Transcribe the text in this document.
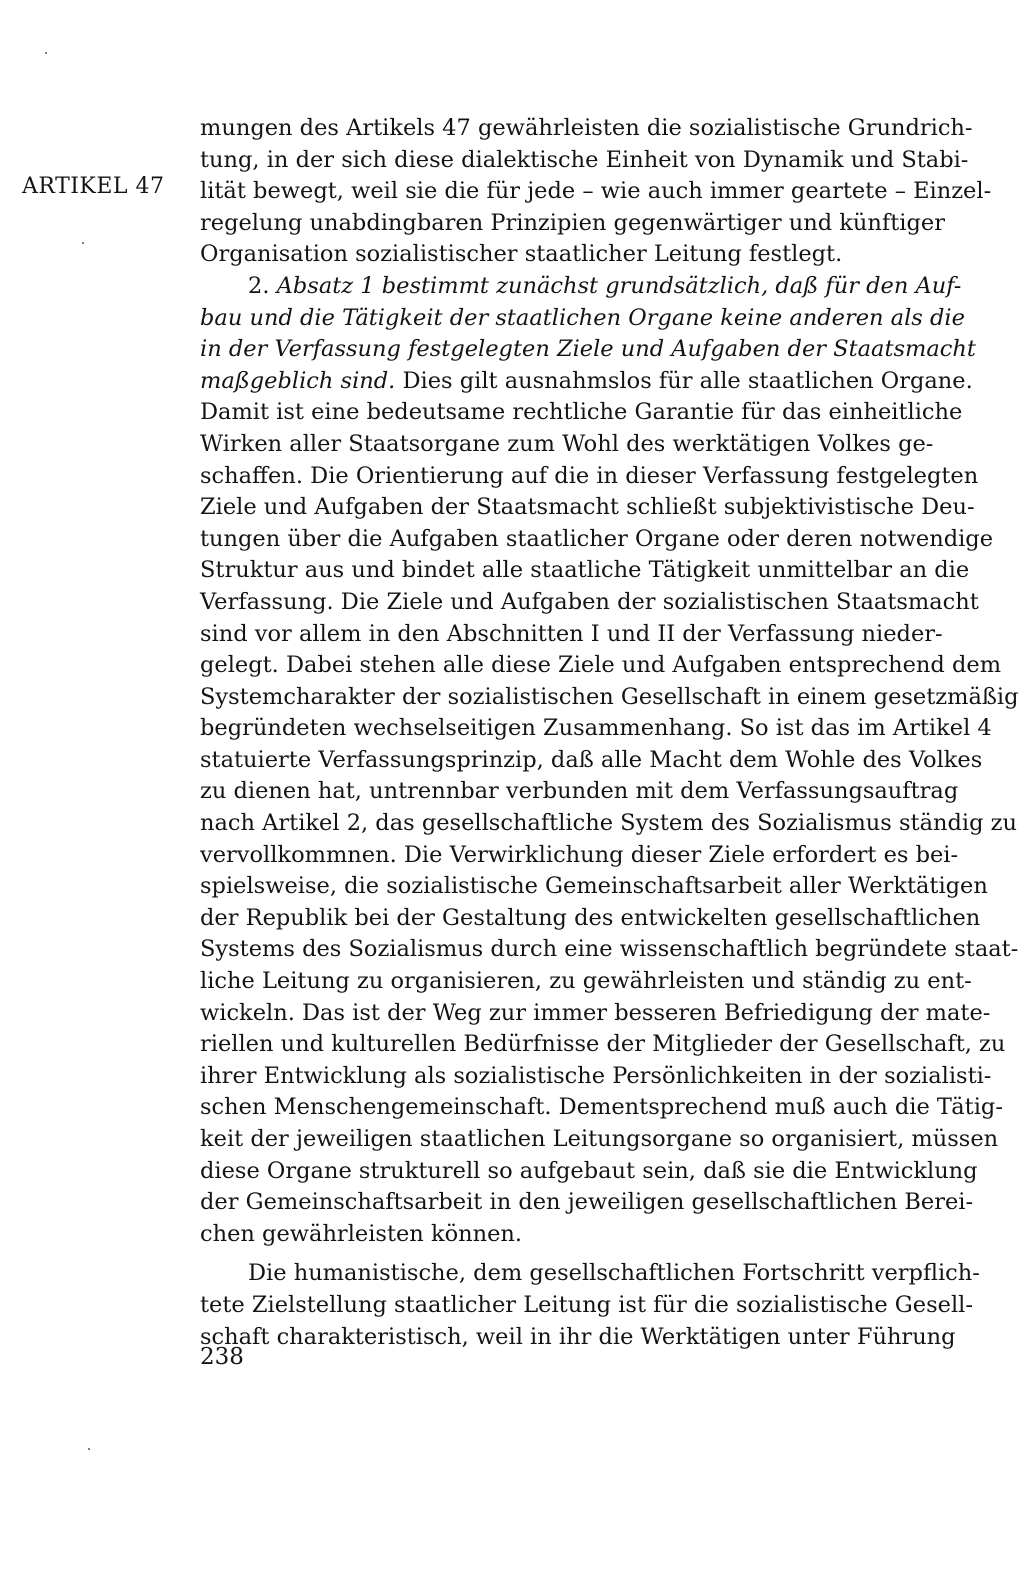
ARTIKEL 47
mungen des Artikels 47 gewährleisten die sozialistische Grundrich-
tung, in der sich diese dialektische Einheit von Dynamik und Stabi-
lität bewegt, weil sie die für jede – wie auch immer geartete – Einzel-
regelung unabdingbaren Prinzipien gegenwärtiger und künftiger
Organisation sozialistischer staatlicher Leitung festlegt.
2. Absatz 1 bestimmt zunächst grundsätzlich, daß für den Auf-
bau und die Tätigkeit der staatlichen Organe keine anderen als die
in der Verfassung festgelegten Ziele und Aufgaben der Staatsmacht
maßgeblich sind. Dies gilt ausnahmslos für alle staatlichen Organe.
Damit ist eine bedeutsame rechtliche Garantie für das einheitliche
Wirken aller Staatsorgane zum Wohl des werktätigen Volkes ge-
schaffen. Die Orientierung auf die in dieser Verfassung festgelegten
Ziele und Aufgaben der Staatsmacht schließt subjektivistische Deu-
tungen über die Aufgaben staatlicher Organe oder deren notwendige
Struktur aus und bindet alle staatliche Tätigkeit unmittelbar an die
Verfassung. Die Ziele und Aufgaben der sozialistischen Staatsmacht
sind vor allem in den Abschnitten I und II der Verfassung nieder-
gelegt. Dabei stehen alle diese Ziele und Aufgaben entsprechend dem
Systemcharakter der sozialistischen Gesellschaft in einem gesetzmäßig
begründeten wechselseitigen Zusammenhang. So ist das im Artikel 4
statuierte Verfassungsprinzip, daß alle Macht dem Wohle des Volkes
zu dienen hat, untrennbar verbunden mit dem Verfassungsauftrag
nach Artikel 2, das gesellschaftliche System des Sozialismus ständig zu
vervollkommnen. Die Verwirklichung dieser Ziele erfordert es bei-
spielsweise, die sozialistische Gemeinschaftsarbeit aller Werktätigen
der Republik bei der Gestaltung des entwickelten gesellschaftlichen
Systems des Sozialismus durch eine wissenschaftlich begründete staat-
liche Leitung zu organisieren, zu gewährleisten und ständig zu ent-
wickeln. Das ist der Weg zur immer besseren Befriedigung der mate-
riellen und kulturellen Bedürfnisse der Mitglieder der Gesellschaft, zu
ihrer Entwicklung als sozialistische Persönlichkeiten in der sozialisti-
schen Menschengemeinschaft. Dementsprechend muß auch die Tätig-
keit der jeweiligen staatlichen Leitungsorgane so organisiert, müssen
diese Organe strukturell so aufgebaut sein, daß sie die Entwicklung
der Gemeinschaftsarbeit in den jeweiligen gesellschaftlichen Berei-
chen gewährleisten können.
Die humanistische, dem gesellschaftlichen Fortschritt verpflich-
tete Zielstellung staatlicher Leitung ist für die sozialistische Gesell-
schaft charakteristisch, weil in ihr die Werktätigen unter Führung
238
